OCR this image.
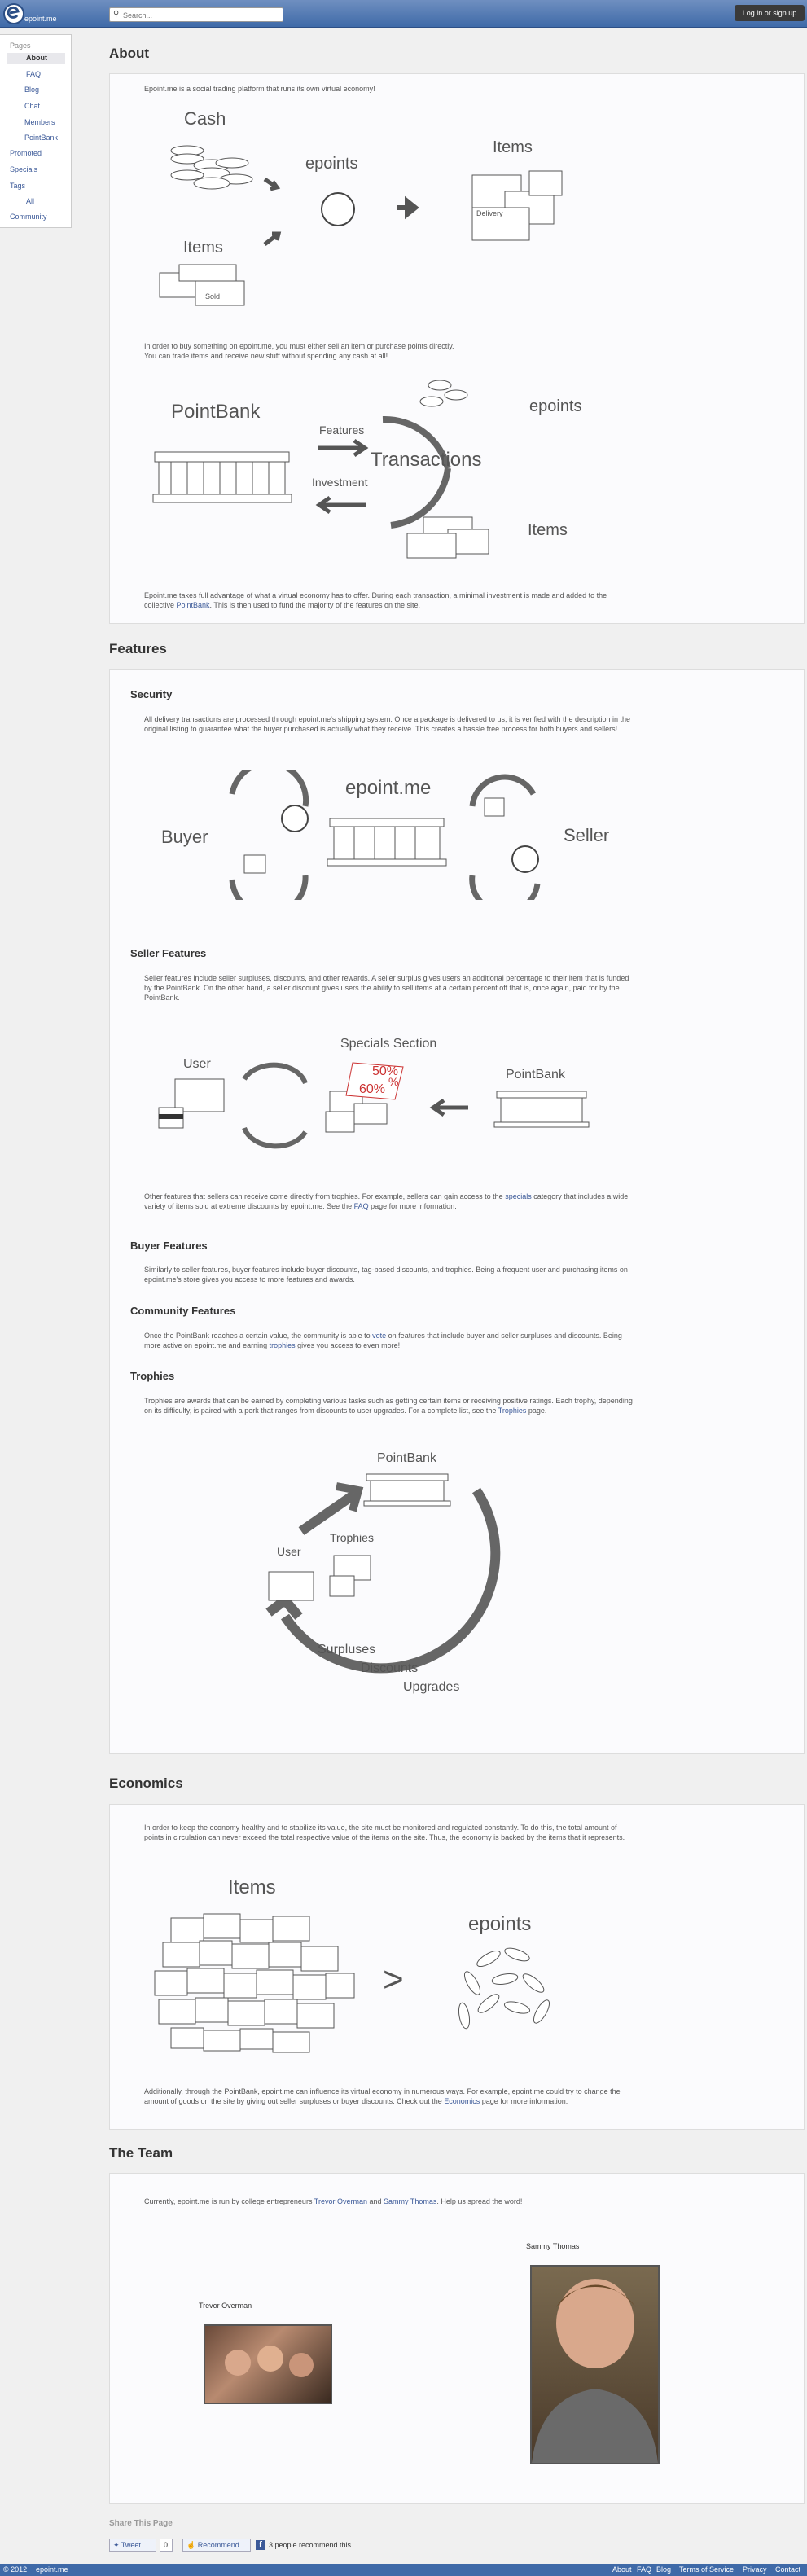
epoint.me	⚲
Search...	Log in or sign up
Pages
About
FAQ
Blog
Chat
Members
PointBank
Promoted
Specials
Tags
All
Community
About
Epoint.me is a social trading platform that runs its own virtual economy!
Cash
epoints
Items
Delivery
Items
Sold
In order to buy something on epoint.me, you must either sell an item or purchase points directly.
You can trade items and receive new stuff without spending any cash at all!
PointBank
Features
Investment
Transactions
epoints
Items
Epoint.me takes full advantage of what a virtual economy has to offer. During each transaction, a minimal investment is made and added to the collective PointBank. This is then used to fund the majority of the features on the site.
Features
Security
All delivery transactions are processed through epoint.me's shipping system. Once a package is delivered to us, it is verified with the description in the original listing to guarantee what the buyer purchased is actually what they receive. This creates a hassle free process for both buyers and sellers!
Buyer
epoint.me
Seller
Seller Features
Seller features include seller surpluses, discounts, and other rewards. A seller surplus gives users an additional percentage to their item that is funded by the PointBank. On the other hand, a seller discount gives users the ability to sell items at a certain percent off that is, once again, paid for by the PointBank.
User
Specials Section
50%
%
60%
PointBank
Other features that sellers can receive come directly from trophies. For example, sellers can gain access to the specials category that includes a wide variety of items sold at extreme discounts by epoint.me. See the FAQ page for more information.
Buyer Features
Similarly to seller features, buyer features include buyer discounts, tag-based discounts, and trophies. Being a frequent user and purchasing items on epoint.me's store gives you access to more features and awards.
Community Features
Once the PointBank reaches a certain value, the community is able to vote on features that include buyer and seller surpluses and discounts. Being more active on epoint.me and earning trophies gives you access to even more!
Trophies
Trophies are awards that can be earned by completing various tasks such as getting certain items or receiving positive ratings. Each trophy, depending on its difficulty, is paired with a perk that ranges from discounts to user upgrades. For a complete list, see the Trophies page.
PointBank
User
Trophies
Surpluses
Discounts
Upgrades
Economics
In order to keep the economy healthy and to stabilize its value, the site must be monitored and regulated constantly. To do this, the total amount of points in circulation can never exceed the total respective value of the items on the site. Thus, the economy is backed by the items that it represents.
Items
>
epoints
Additionally, through the PointBank, epoint.me can influence its virtual economy in numerous ways. For example, epoint.me could try to change the amount of goods on the site by giving out seller surpluses or buyer discounts. Check out the Economics page for more information.
The Team
Currently, epoint.me is run by college entrepreneurs Trevor Overman and Sammy Thomas. Help us spread the word!
Trevor Overman
Sammy Thomas
Share This Page
✦ Tweet	0	☝ Recommend	f 3 people recommend this.
© 2012 epoint.me	About FAQ Blog Terms of Service Privacy Contact
